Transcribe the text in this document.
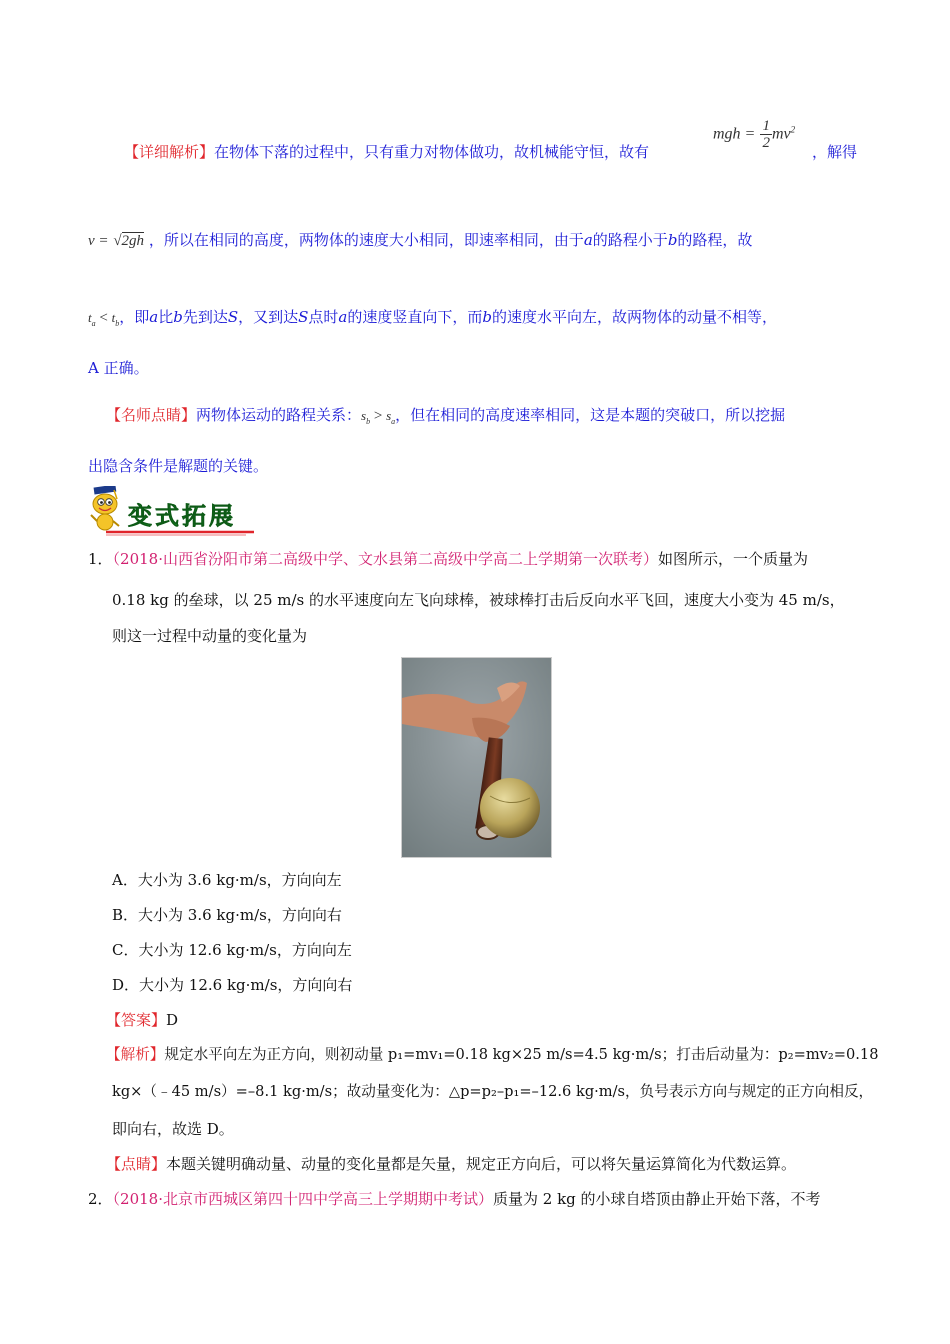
【详细解析】在物体下落的过程中，只有重力对物体做功，故机械能守恒，故有
mgh = $\frac{1}{2} mv^2$
，解得
v = √2gh ，所以在相同的高度，两物体的速度大小相同，即速率相同，由于a的路程小于b的路程，故
$t_a < t_b$，即a比b先到达S，又到达S点时a的速度竖直向下，而b的速度水平向左，故两物体的动量不相等，
A 正确。
【名师点睛】两物体运动的路程关系：$s_b > s_a$，但在相同的高度速率相同，这是本题的突破口，所以挖掘
出隐含条件是解题的关键。
变式拓展
1．（2018·山西省汾阳市第二高级中学、文水县第二高级中学高二上学期第一次联考）如图所示，一个质量为
0.18 kg 的垒球，以 25 m/s 的水平速度向左飞向球棒，被球棒打击后反向水平飞回，速度大小变为 45 m/s，
则这一过程中动量的变化量为
A．大小为 3.6 kg·m/s，方向向左
B．大小为 3.6 kg·m/s，方向向右
C．大小为 12.6 kg·m/s，方向向左
D．大小为 12.6 kg·m/s，方向向右
【答案】D
【解析】规定水平向左为正方向，则初动量 p₁=mv₁=0.18 kg×25 m/s=4.5 kg·m/s；打击后动量为：p₂=mv₂=0.18
kg×（﹣45 m/s）=–8.1 kg·m/s；故动量变化为：△p=p₂–p₁=–12.6 kg·m/s，负号表示方向与规定的正方向相反，
即向右，故选 D。
【点睛】本题关键明确动量、动量的变化量都是矢量，规定正方向后，可以将矢量运算简化为代数运算。
2．（2018·北京市西城区第四十四中学高三上学期期中考试）质量为 2 kg 的小球自塔顶由静止开始下落，不考
